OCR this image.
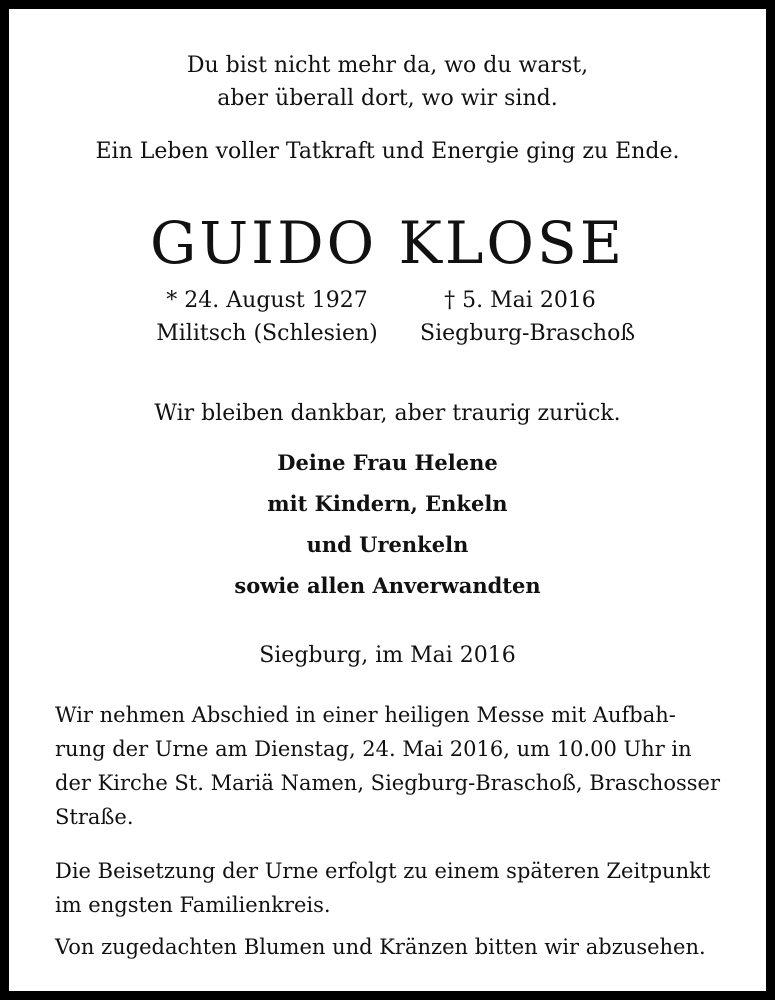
Du bist nicht mehr da, wo du warst,
aber überall dort, wo wir sind.
Ein Leben voller Tatkraft und Energie ging zu Ende.
GUIDO KLOSE
* 24. August 1927
Militsch (Schlesien)
† 5. Mai 2016
Siegburg-Braschoß
Wir bleiben dankbar, aber traurig zurück.
Deine Frau Helene
mit Kindern, Enkeln
und Urenkeln
sowie allen Anverwandten
Siegburg, im Mai 2016
Wir nehmen Abschied in einer heiligen Messe mit Aufbah-
rung der Urne am Dienstag, 24. Mai 2016, um 10.00 Uhr in
der Kirche St. Mariä Namen, Siegburg-Braschoß, Braschosser
Straße.
Die Beisetzung der Urne erfolgt zu einem späteren Zeitpunkt
im engsten Familienkreis.
Von zugedachten Blumen und Kränzen bitten wir abzusehen.
